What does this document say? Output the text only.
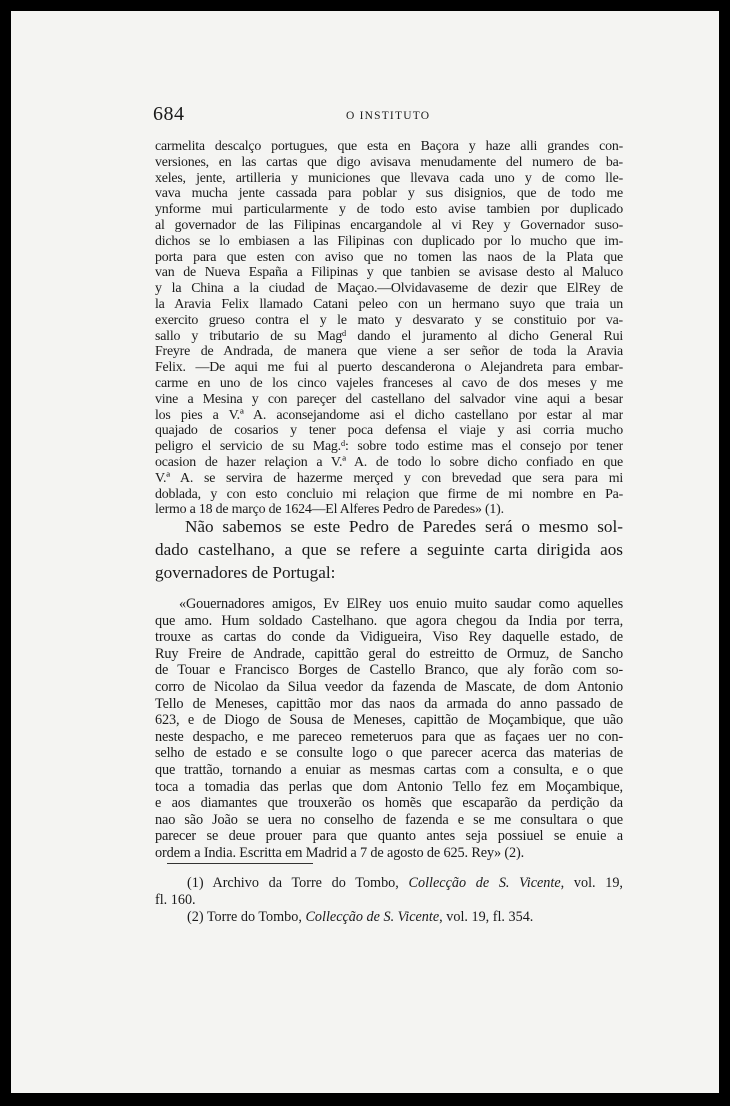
684	O INSTITUTO
carmelita descalço portugues, que esta en Baçora y haze alli grandes con-
versiones, en las cartas que digo avisava menudamente del numero de ba-
xeles, jente, artilleria y municiones que llevava cada uno y de como lle-
vava mucha jente cassada para poblar y sus disignios, que de todo me
ynforme mui particularmente y de todo esto avise tambien por duplicado
al governador de las Filipinas encargandole al vi Rey y Governador suso-
dichos se lo embiasen a las Filipinas con duplicado por lo mucho que im-
porta para que esten con aviso que no tomen las naos de la Plata que
van de Nueva España a Filipinas y que tanbien se avisase desto al Maluco
y la China a la ciudad de Maçao.—Olvidavaseme de dezir que ElRey de
la Aravia Felix llamado Catani peleo con un hermano suyo que traia un
exercito grueso contra el y le mato y desvarato y se constituio por va-
sallo y tributario de su Magᵈ dando el juramento al dicho General Rui
Freyre de Andrada, de manera que viene a ser señor de toda la Aravia
Felix. —De aqui me fui al puerto descanderona o Alejandreta para embar-
carme en uno de los cinco vajeles franceses al cavo de dos meses y me
vine a Mesina y con pareçer del castellano del salvador vine aqui a besar
los pies a V.ª A. aconsejandome asi el dicho castellano por estar al mar
quajado de cosarios y tener poca defensa el viaje y asi corria mucho
peligro el servicio de su Mag.ᵈ: sobre todo estime mas el consejo por tener
ocasion de hazer relaçion a V.ª A. de todo lo sobre dicho confiado en que
V.ª A. se servira de hazerme merçed y con brevedad que sera para mi
doblada, y con esto concluio mi relaçion que firme de mi nombre en Pa-
lermo a 18 de março de 1624—El Alferes Pedro de Paredes» (1).
Não sabemos se este Pedro de Paredes será o mesmo sol-
dado castelhano, a que se refere a seguinte carta dirigida aos
governadores de Portugal:
«Gouernadores amigos, Ev ElRey uos enuio muito saudar como aquelles
que amo. Hum soldado Castelhano. que agora chegou da India por terra,
trouxe as cartas do conde da Vidigueira, Viso Rey daquelle estado, de
Ruy Freire de Andrade, capittão geral do estreitto de Ormuz, de Sancho
de Touar e Francisco Borges de Castello Branco, que aly forão com so-
corro de Nicolao da Silua veedor da fazenda de Mascate, de dom Antonio
Tello de Meneses, capittão mor das naos da armada do anno passado de
623, e de Diogo de Sousa de Meneses, capittão de Moçambique, que uão
neste despacho, e me pareceo remeteruos para que as façaes uer no con-
selho de estado e se consulte logo o que parecer acerca das materias de
que trattão, tornando a enuiar as mesmas cartas com a consulta, e o que
toca a tomadia das perlas que dom Antonio Tello fez em Moçambique,
e aos diamantes que trouxerão os homẽs que escaparão da perdição da
nao são João se uera no conselho de fazenda e se me consultara o que
parecer se deue prouer para que quanto antes seja possiuel se enuie a
ordem a India. Escritta em Madrid a 7 de agosto de 625. Rey» (2).
(1) Archivo da Torre do Tombo, Collecção de S. Vicente, vol. 19,
fl. 160.
(2) Torre do Tombo, Collecção de S. Vicente, vol. 19, fl. 354.
